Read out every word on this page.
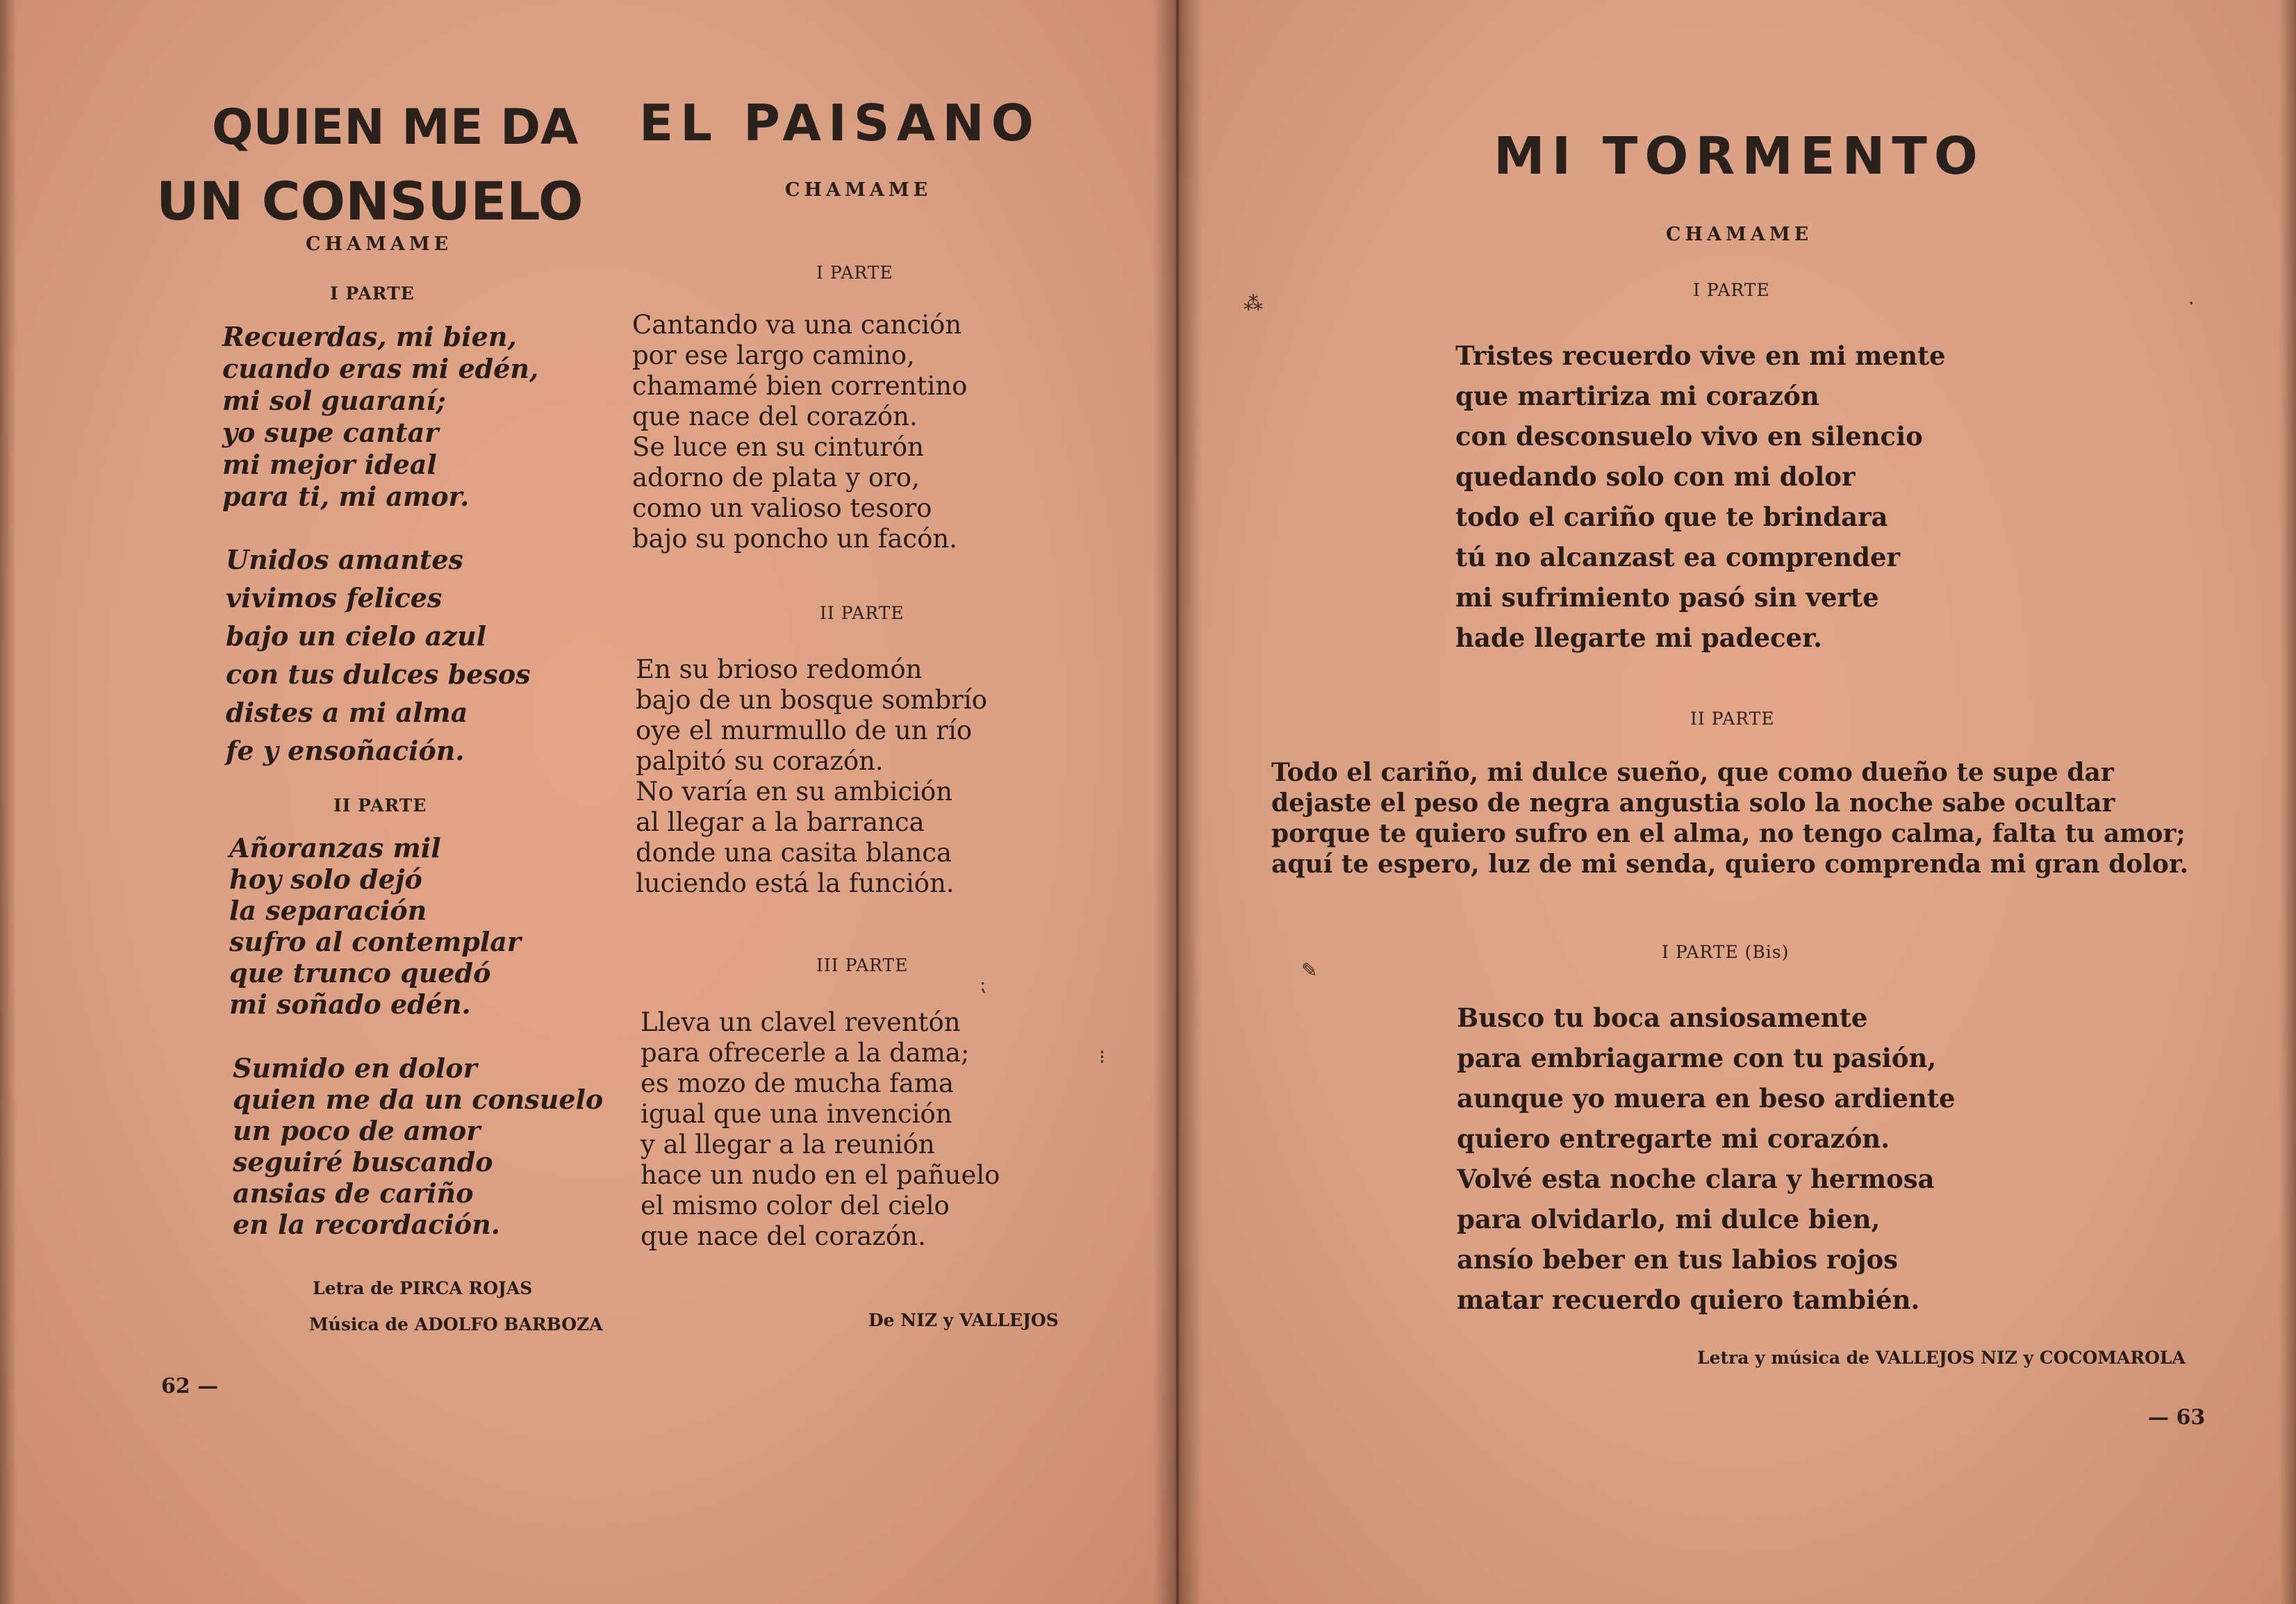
QUIEN ME DA
UN CONSUELO
CHAMAME
I PARTE
Recuerdas, mi bien,
cuando eras mi edén,
mi sol guaraní;
yo supe cantar
mi mejor ideal
para ti, mi amor.
Unidos amantes
vivimos felices
bajo un cielo azul
con tus dulces besos
distes a mi alma
fe y ensoñación.
II PARTE
Añoranzas mil
hoy solo dejó
la separación
sufro al contemplar
que trunco quedó
mi soñado edén.
Sumido en dolor
quien me da un consuelo
un poco de amor
seguiré buscando
ansias de cariño
en la recordación.
Letra de PIRCA ROJAS
Música de ADOLFO BARBOZA
EL PAISANO
CHAMAME
I PARTE
Cantando va una canción
por ese largo camino,
chamamé bien correntino
que nace del corazón.
Se luce en su cinturón
adorno de plata y oro,
como un valioso tesoro
bajo su poncho un facón.
II PARTE
En su brioso redomón
bajo de un bosque sombrío
oye el murmullo de un río
palpitó su corazón.
No varía en su ambición
al llegar a la barranca
donde una casita blanca
luciendo está la función.
III PARTE
Lleva un clavel reventón
para ofrecerle a la dama;
es mozo de mucha fama
igual que una invención
y al llegar a la reunión
hace un nudo en el pañuelo
el mismo color del cielo
que nace del corazón.
De NIZ y VALLEJOS
62 —
MI TORMENTO
CHAMAME
I PARTE
Tristes recuerdo vive en mi mente
que martiriza mi corazón
con desconsuelo vivo en silencio
quedando solo con mi dolor
todo el cariño que te brindara
tú no alcanzast ea comprender
mi sufrimiento pasó sin verte
hade llegarte mi padecer.
II PARTE
Todo el cariño, mi dulce sueño, que como dueño te supe dar
dejaste el peso de negra angustia solo la noche sabe ocultar
porque te quiero sufro en el alma, no tengo calma, falta tu amor;
aquí te espero, luz de mi senda, quiero comprenda mi gran dolor.
I PARTE (Bis)
Busco tu boca ansiosamente
para embriagarme con tu pasión,
aunque yo muera en beso ardiente
quiero entregarte mi corazón.
Volvé esta noche clara y hermosa
para olvidarlo, mi dulce bien,
ansío beber en tus labios rojos
matar recuerdo quiero también.
Letra y música de VALLEJOS NIZ y COCOMAROLA
— 63
⁂
✎
⁏
⁝
·
